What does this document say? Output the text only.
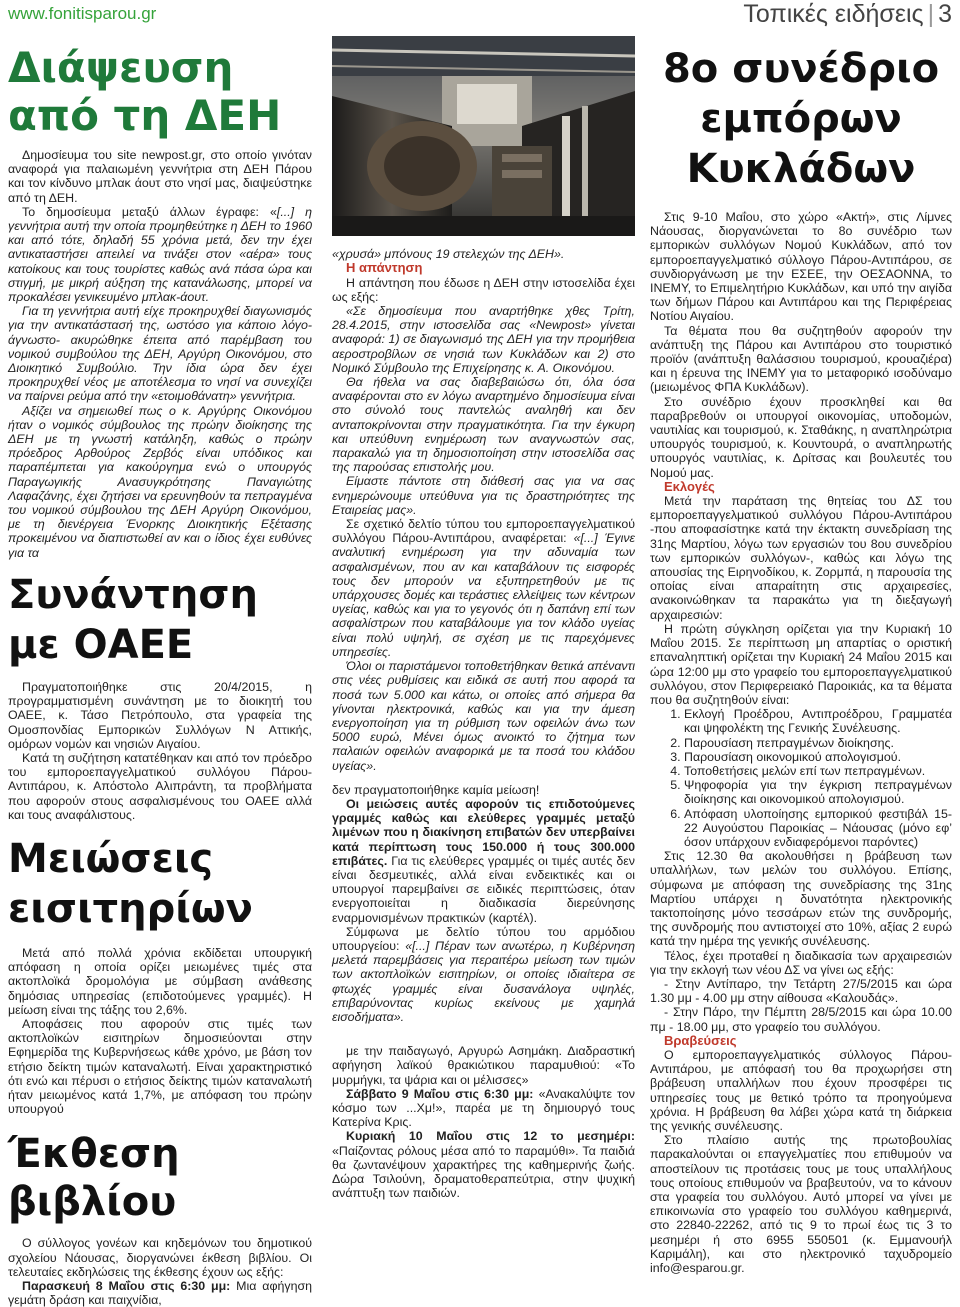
www.fonitisparou.gr	Τοπικές ειδήσεις | 3
Διάψευση από τη ΔΕΗ

Δημοσίευμα του site newpost.gr, στο οποίο γινόταν αναφορά για παλαιωμένη γεννήτρια στη ΔΕΗ Πάρου και τον κίνδυνο μπλακ άουτ στο νησί μας, διαψεύστηκε από τη ΔΕΗ.

Το δημοσίευμα μεταξύ άλλων έγραφε: «[...] η γεννήτρια αυτή την οποία προμηθεύτηκε η ΔΕΗ το 1960 και από τότε, δηλαδή 55 χρόνια μετά, δεν την έχει αντικαταστήσει απειλεί να τινάξει στον «αέρα» τους κατοίκους και τους τουρίστες καθώς ανά πάσα ώρα και στιγμή, με μικρή αύξηση της κατανάλωσης, μπορεί να προκαλέσει γενικευμένο μπλακ-άουτ.

Για τη γεννήτρια αυτή είχε προκηρυχθεί διαγωνισμός για την αντικατάστασή της, ωστόσο για κάποιο λόγο-άγνωστο- ακυρώθηκε έπειτα από παρέμβαση του νομικού συμβούλου της ΔΕΗ, Αργύρη Οικονόμου, στο Διοικητικό Συμβούλιο. Την ίδια ώρα δεν έχει προκηρυχθεί νέος με αποτέλεσμα το νησί να συνεχίζει να παίρνει ρεύμα από την «ετοιμοθάνατη» γεννήτρια.

Αξίζει να σημειωθεί πως ο κ. Αργύρης Οικονόμου ήταν ο νομικός σύμβουλος της πρώην διοίκησης της ΔΕΗ με τη γνωστή κατάληξη, καθώς ο πρώην πρόεδρος Αρθούρος Ζερβός είναι υπόδικος και παραπέμπεται για κακούργημα ενώ ο υπουργός Παραγωγικής Ανασυγκρότησης Παναγιώτης Λαφαζάνης, έχει ζητήσει να ερευνηθούν τα πεπραγμένα του νομικού σύμβουλου της ΔΕΗ Αργύρη Οικονόμου, με τη διενέργεια Ένορκης Διοικητικής Εξέτασης προκειμένου να διαπιστωθεί αν και ο ίδιος έχει ευθύνες για τα

Συνάντηση με ΟΑΕΕ

Πραγματοποιήθηκε στις 20/4/2015, η προγραμματισμένη συνάντηση με το διοικητή του ΟΑΕΕ, κ. Τάσο Πετρόπουλο, στα γραφεία της Ομοσπονδίας Εμπορικών Συλλόγων Ν Αττικής, ομόρων νομών και νησιών Αιγαίου.

Κατά τη συζήτηση κατατέθηκαν και από τον πρόεδρο του εμποροεπαγγελματικού συλλόγου Πάρου-Αντιπάρου, κ. Απόστολο Αλιπράντη, τα προβλήματα που αφορούν στους ασφαλισμένους του ΟΑΕΕ αλλά και τους αναφάλιστους.

Μειώσεις εισιτηρίων

Μετά από πολλά χρόνια εκδίδεται υπουργική απόφαση η οποία ορίζει μειωμένες τιμές στα ακτοπλοϊκά δρομολόγια με σύμβαση ανάθεσης δημόσιας υπηρεσίας (επιδοτούμενες γραμμές). Η μείωση είναι της τάξης του 2,6%.

Αποφάσεις που αφορούν στις τιμές των ακτοπλοϊκών εισιτηρίων δημοσιεύονται στην Εφημερίδα της Κυβερνήσεως κάθε χρόνο, με βάση τον ετήσιο δείκτη τιμών καταναλωτή. Είναι χαρακτηριστικό ότι ενώ και πέρυσι ο ετήσιος δείκτης τιμών καταναλωτή ήταν μειωμένος κατά 1,7%, με απόφαση του πρώην υπουργού

Έκθεση βιβλίου

Ο σύλλογος γονέων και κηδεμόνων του δημοτικού σχολείου Νάουσας, διοργανώνει έκθεση βιβλίου. Οι τελευταίες εκδηλώσεις της έκθεσης έχουν ως εξής:

Παρασκευή 8 Μαΐου στις 6:30 μμ: Μια αφήγηση γεμάτη δράση και παιχνίδια,

«χρυσά» μπόνους 19 στελεχών της ΔΕΗ».

Η απάντηση

Η απάντηση που έδωσε η ΔΕΗ στην ιστοσελίδα έχει ως εξής:

«Σε δημοσίευμα που αναρτήθηκε χθες Τρίτη, 28.4.2015, στην ιστοσελίδα σας «Newpost» γίνεται αναφορά: 1) σε διαγωνισμό της ΔΕΗ για την προμήθεια αεροστροβίλων σε νησιά των Κυκλάδων και 2) στο Νομικό Σύμβουλο της Επιχείρησης κ. Α. Οικονόμου.

Θα ήθελα να σας διαβεβαιώσω ότι, όλα όσα αναφέρονται στο εν λόγω αναρτημένο δημοσίευμα είναι στο σύνολό τους παντελώς αναληθή και δεν ανταποκρίνονται στην πραγματικότητα. Για την έγκυρη και υπεύθυνη ενημέρωση των αναγνωστών σας, παρακαλώ για τη δημοσιοποίηση στην ιστοσελίδα σας της παρούσας επιστολής μου.

Είμαστε πάντοτε στη διάθεσή σας για να σας ενημερώνουμε υπεύθυνα για τις δραστηριότητες της Εταιρείας μας».

Σε σχετικό δελτίο τύπου του εμποροεπαγγελματικού συλλόγου Πάρου-Αντιπάρου, αναφέρεται: «[...] Έγινε αναλυτική ενημέρωση για την αδυναμία των ασφαλισμένων, που αν και καταβάλουν τις εισφορές τους δεν μπορούν να εξυπηρετηθούν με τις υπάρχουσες δομές και τεράστιες ελλείψεις των κέντρων υγείας, καθώς και για το γεγονός ότι η δαπάνη επί των ασφαλίστρων που καταβάλουμε για τον κλάδο υγείας είναι πολύ υψηλή, σε σχέση με τις παρεχόμενες υπηρεσίες.

Όλοι οι παριστάμενοι τοποθετήθηκαν θετικά απέναντι στις νέες ρυθμίσεις και ειδικά σε αυτή που αφορά τα ποσά των 5.000 και κάτω, οι οποίες από σήμερα θα γίνονται ηλεκτρονικά, καθώς και για την άμεση ενεργοποίηση για τη ρύθμιση των οφειλών άνω των 5000 ευρώ, Μένει όμως ανοικτό το ζήτημα των παλαιών οφειλών αναφορικά με τα ποσά του κλάδου υγείας».

δεν πραγματοποιήθηκε καμία μείωση!

Οι μειώσεις αυτές αφορούν τις επιδοτούμενες γραμμές καθώς και ελεύθερες γραμμές μεταξύ λιμένων που η διακίνηση επιβατών δεν υπερβαίνει κατά περίπτωση τους 150.000 ή τους 300.000 επιβάτες. Για τις ελεύθερες γραμμές οι τιμές αυτές δεν είναι δεσμευτικές, αλλά είναι ενδεικτικές και οι υπουργοί παρεμβαίνει σε ειδικές περιπτώσεις, όταν ενεργοποιείται η διαδικασία διερεύνησης εναρμονισμένων πρακτικών (καρτέλ).

Σύμφωνα με δελτίο τύπου του αρμόδιου υπουργείου: «[...] Πέραν των ανωτέρω, η Κυβέρνηση μελετά παρεμβάσεις για περαιτέρω μείωση των τιμών των ακτοπλοϊκών εισιτηρίων, οι οποίες ιδιαίτερα σε φτωχές γραμμές είναι δυσανάλογα υψηλές, επιβαρύνοντας κυρίως εκείνους με χαμηλά εισοδήματα».

με την παιδαγωγό, Αργυρώ Ασημάκη. Διαδραστική αφήγηση λαϊκού θρακιώτικου παραμυθιού: «Το μυρμήγκι, τα ψάρια και οι μέλισσες»

Σάββατο 9 Μαΐου στις 6:30 μμ: «Ανακαλύψτε τον κόσμο των ...Χμ!», παρέα με τη δημιουργό τους Κατερίνα Κρις.

Κυριακή 10 Μαΐου στις 12 το μεσημέρι: «Παίζοντας ρόλους μέσα από το παραμύθι». Τα παιδιά θα ζωντανέψουν χαρακτήρες της καθημερινής ζωής. Δώρα Τσιλούνη, δραματοθεραπεύτρια, στην ψυχική ανάπτυξη των παιδιών.

8ο συνέδριο εμπόρων Κυκλάδων

Στις 9-10 Μαΐου, στο χώρο «Ακτή», στις Λίμνες Νάουσας, διοργανώνεται το 8ο συνέδριο των εμπορικών συλλόγων Νομού Κυκλάδων, από τον εμποροεπαγγελματικό σύλλογο Πάρου-Αντιπάρου, σε συνδιοργάνωση με την ΕΣΕΕ, την ΟΕΣΑΟΝΝΑ, το ΙΝΕΜΥ, το Επιμελητήριο Κυκλάδων, και υπό την αιγίδα των δήμων Πάρου και Αντιπάρου και της Περιφέρειας Νοτίου Αιγαίου.

Τα θέματα που θα συζητηθούν αφορούν την ανάπτυξη της Πάρου και Αντιπάρου στο τουριστικό προϊόν (ανάπτυξη θαλάσσιου τουρισμού, κρουαζιέρα) και η έρευνα της ΙΝΕΜΥ για το μεταφορικό ισοδύναμο (μειωμένος ΦΠΑ Κυκλάδων).

Στο συνέδριο έχουν προσκληθεί και θα παραβρεθούν οι υπουργοί οικονομίας, υποδομών, ναυτιλίας και τουρισμού, κ. Σταθάκης, η αναπληρώτρια υπουργός τουρισμού, κ. Κουντουρά, ο αναπληρωτής υπουργός ναυτιλίας, κ. Δρίτσας και βουλευτές του Νομού μας.

Εκλογές

Μετά την παράταση της θητείας του ΔΣ του εμποροεπαγγελματικού συλλόγου Πάρου-Αντιπάρου -που αποφασίστηκε κατά την έκτακτη συνεδρίαση της 31ης Μαρτίου, λόγω των εργασιών του 8ου συνεδρίου των εμπορικών συλλόγων-, καθώς και λόγω της απουσίας της Ειρηνοδίκου, κ. Ζορμπά, η παρουσία της οποίας είναι απαραίτητη στις αρχαιρεσίες, ανακοινώθηκαν τα παρακάτω για τη διεξαγωγή αρχαιρεσιών:

Η πρώτη σύγκληση ορίζεται για την Κυριακή 10 Μαΐου 2015. Σε περίπτωση μη απαρτίας ο οριστική επαναληπτική ορίζεται την Κυριακή 24 Μαΐου 2015 και ώρα 12:00 μμ στο γραφείο του εμποροεπαγγελματικού συλλόγου, στον Περιφερειακό Παροικιάς, κα τα θέματα που θα συζητηθούν είναι:

1. Εκλογή Προέδρου, Αντιπροέδρου, Γραμματέα και ψηφολέκτη της Γενικής Συνέλευσης.
2. Παρουσίαση πεπραγμένων διοίκησης.
3. Παρουσίαση οικονομικού απολογισμού.
4. Τοποθετήσεις μελών επί των πεπραγμένων.
5. Ψηφοφορία για την έγκριση πεπραγμένων διοίκησης και οικονομικού απολογισμού.
6. Απόφαση υλοποίησης εμπορικού φεστιβάλ 15-22 Αυγούστου Παροικίας – Νάουσας (μόνο εφ’ όσον υπάρχουν ενδιαφερόμενοι παρόντες)

Στις 12.30 θα ακολουθήσει η βράβευση των υπαλλήλων, των μελών του συλλόγου. Επίσης, σύμφωνα με απόφαση της συνεδρίασης της 31ης Μαρτίου υπάρχει η δυνατότητα ηλεκτρονικής τακτοποίησης μόνο τεσσάρων ετών της συνδρομής, της συνδρομής που αντιστοιχεί στο 10%, αξίας 2 ευρώ κατά την ημέρα της γενικής συνέλευσης.

Τέλος, έχει προταθεί η διαδικασία των αρχαιρεσιών για την εκλογή των νέου ΔΣ να γίνει ως εξής:

- Στην Αντίπαρο, την Τετάρτη 27/5/2015 και ώρα 1.30 μμ - 4.00 μμ στην αίθουσα «Καλουδάς».

- Στην Πάρο, την Πέμπτη 28/5/2015 και ώρα 10.00 πμ - 18.00 μμ, στο γραφείο του συλλόγου.

Βραβεύσεις

Ο εμποροεπαγγελματικός σύλλογος Πάρου-Αντιπάρου, με απόφασή του θα προχωρήσει στη βράβευση υπαλλήλων που έχουν προσφέρει τις υπηρεσίες τους με θετικό τρόπο τα προηγούμενα χρόνια. Η βράβευση θα λάβει χώρα κατά τη διάρκεια της γενικής συνέλευσης.

Στο πλαίσιο αυτής της πρωτοβουλίας παρακαλούνται οι επαγγελματίες που επιθυμούν να αποστείλουν τις προτάσεις τους με τους υπαλλήλους τους οποίους επιθυμούν να βραβευτούν, να το κάνουν στα γραφεία του συλλόγου. Αυτό μπορεί να γίνει με επικοινωνία στο γραφείο του συλλόγου καθημερινά, στο 22840-22262, από τις 9 το πρωί έως τις 3 το μεσημέρι ή στο 6955 550501 (κ. Εμμανουήλ Καριμάλη), και στο ηλεκτρονικό ταχυδρομείο info@esparou.gr.
